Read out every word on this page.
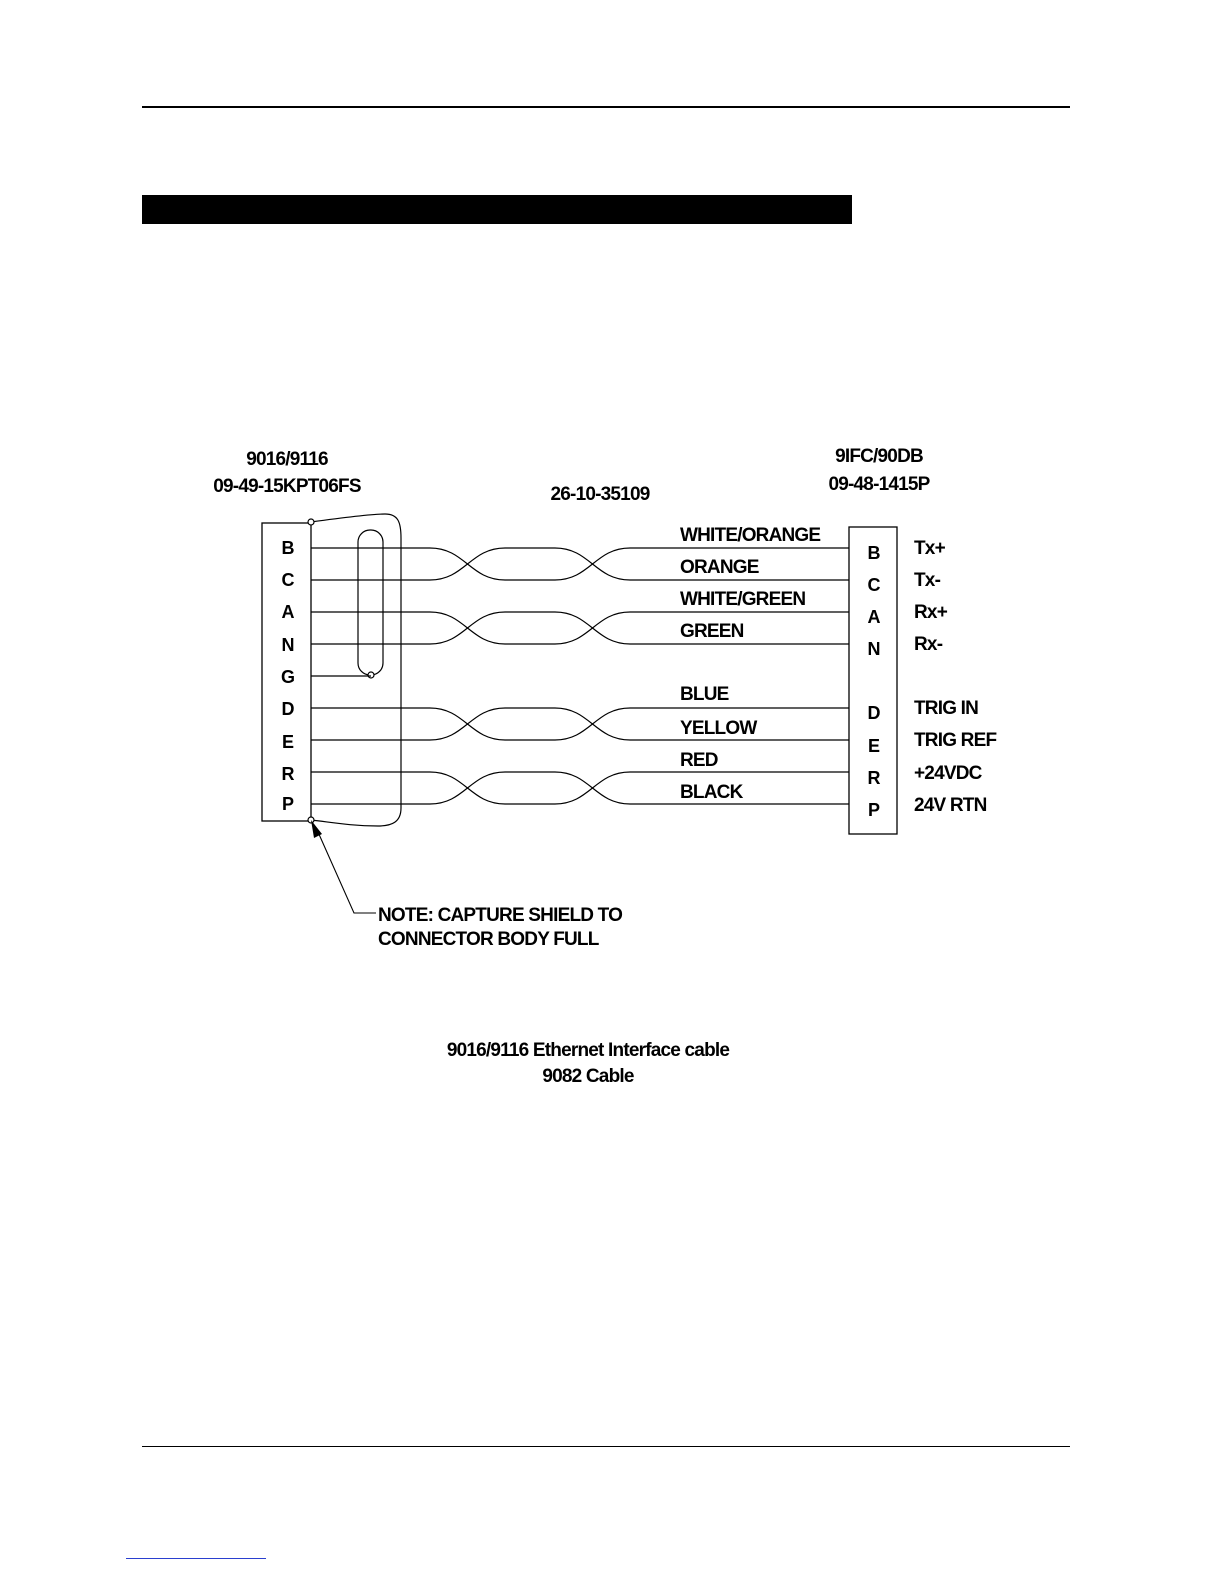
9016/9116
09-49-15KPT06FS	26-10-35109
9IFC/90DB
09-48-1415P
B
C
A
N
G
D
E
R
P
B
C
A
N
D
E
R
P
WHITE/ORANGE
ORANGE
WHITE/GREEN
GREEN
BLUE
YELLOW
RED
BLACK
Tx+
Tx-
Rx+
Rx-
TRIG IN
TRIG REF
+24VDC
24V RTN
NOTE: CAPTURE SHIELD TO
CONNECTOR BODY FULL
9016/9116 Ethernet Interface cable
9082 Cable
